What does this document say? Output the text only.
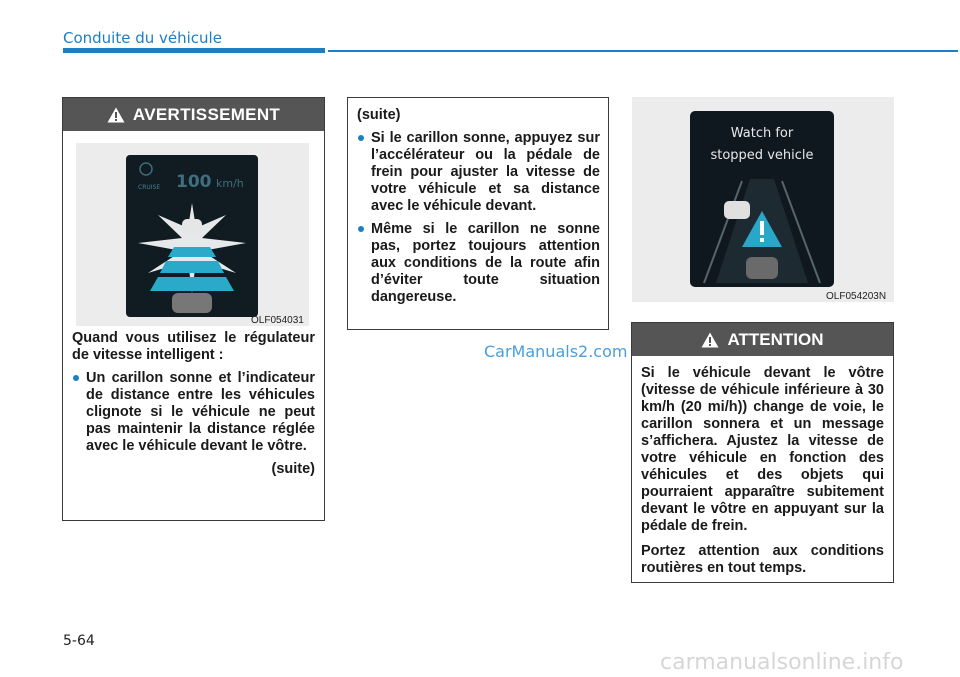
Conduite du véhicule
AVERTISSEMENT
CRUISE 100 km/h
OLF054031
Quand vous utilisez le régulateur de vitesse intelligent :
Un carillon sonne et l’indicateur de distance entre les véhicules clignote si le véhicule ne peut pas maintenir la distance réglée avec le véhicule devant le vôtre.
(suite)
(suite)
Si le carillon sonne, appuyez sur l’accélérateur ou la pédale de frein pour ajuster la vitesse de votre véhicule et sa distance avec le véhicule devant.
Même si le carillon ne sonne pas, portez toujours attention aux conditions de la route afin d’éviter toute situation dangereuse.
CarManuals2.com
Watch for
stopped vehicle
OLF054203N
ATTENTION
Si le véhicule devant le vôtre (vitesse de véhicule inférieure à 30 km/h (20 mi/h)) change de voie, le carillon sonnera et un message s’affichera. Ajustez la vitesse de votre véhicule en fonction des véhicules et des objets qui pourraient apparaître subitement devant le vôtre en appuyant sur la pédale de frein.
Portez attention aux conditions routières en tout temps.
5-64
carmanualsonline.info
